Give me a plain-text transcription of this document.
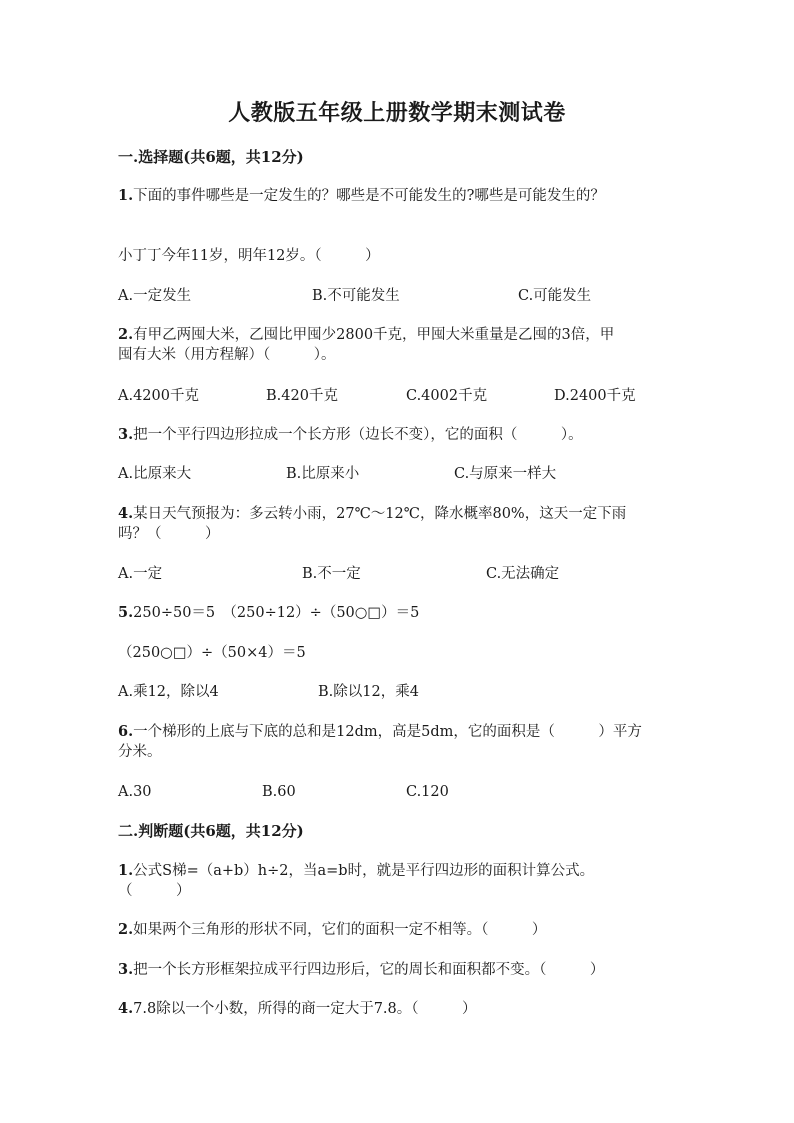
人教版五年级上册数学期末测试卷
一.选择题(共6题，共12分)
1.下面的事件哪些是一定发生的？哪些是不可能发生的?哪些是可能发生的？
小丁丁今年11岁，明年12岁。（　　　）
A.一定发生	B.不可能发生	C.可能发生
2.有甲乙两囤大米，乙囤比甲囤少2800千克，甲囤大米重量是乙囤的3倍，甲
囤有大米（用方程解）（　　　）。
A.4200千克	B.420千克	C.4002千克	D.2400千克
3.把一个平行四边形拉成一个长方形（边长不变），它的面积（　　　）。
A.比原来大	B.比原来小	C.与原来一样大
4.某日天气预报为：多云转小雨，27℃～12℃，降水概率80%，这天一定下雨
吗？（　　　）
A.一定	B.不一定	C.无法确定
5.250÷50＝5　（250÷12）÷（50○□）＝5
（250○□）÷（50×4）＝5
A.乘12，除以4	B.除以12，乘4
6.一个梯形的上底与下底的总和是12dm，高是5dm，它的面积是（　　　）平方
分米。
A.30	B.60	C.120
二.判断题(共6题，共12分)
1.公式S梯=（a+b）h÷2，当a=b时，就是平行四边形的面积计算公式。
（　　　）
2.如果两个三角形的形状不同，它们的面积一定不相等。（　　　）
3.把一个长方形框架拉成平行四边形后，它的周长和面积都不变。（　　　）
4.7.8除以一个小数，所得的商一定大于7.8。（　　　）
